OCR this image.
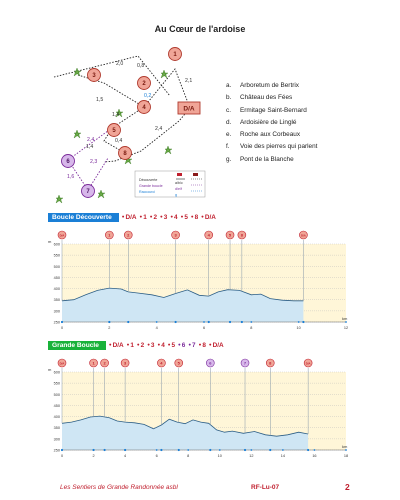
Au Cœur de l'ardoise
2,0	0,8
0,2
1,5
2,1
1,4
2,4
0,4
2,4
2,3
1,6
1,4
1
2
3
4
5
8
6
7
D/A
Découverte
Grande boucle
Raccourci
a/b/c
d/e/f
g
a.	Arboretum de Bertrix
b.	Château des Fées
c.	Ermitage Saint-Bernard
d.	Ardoisière de Linglé
e.	Roche aux Corbeaux
f.	Voie des pierres qui parlent
g.	Pont de la Blanche
Boucle Découverte	● D/A	● 1	● 2	● 3	● 4	● 5	● 8	● D/A
250
300
350
400
450
500
550
600
m
0	2	4	6	8	10	12
km
D/A	1	2	3	4	5 8	D/A
Grande Boucle	● D/A	● 1	● 2	● 3	● 4	● 5	● 6	● 7	● 8	● D/A
250
300
350
400
450
500
550
600
m
0	2	4	6	8	10	12	14	16	18
km
D/A	1 2	3	4	5	6	7	8	D/A
Les Sentiers de Grande Randonnée asbl	RF-Lu-07	2
